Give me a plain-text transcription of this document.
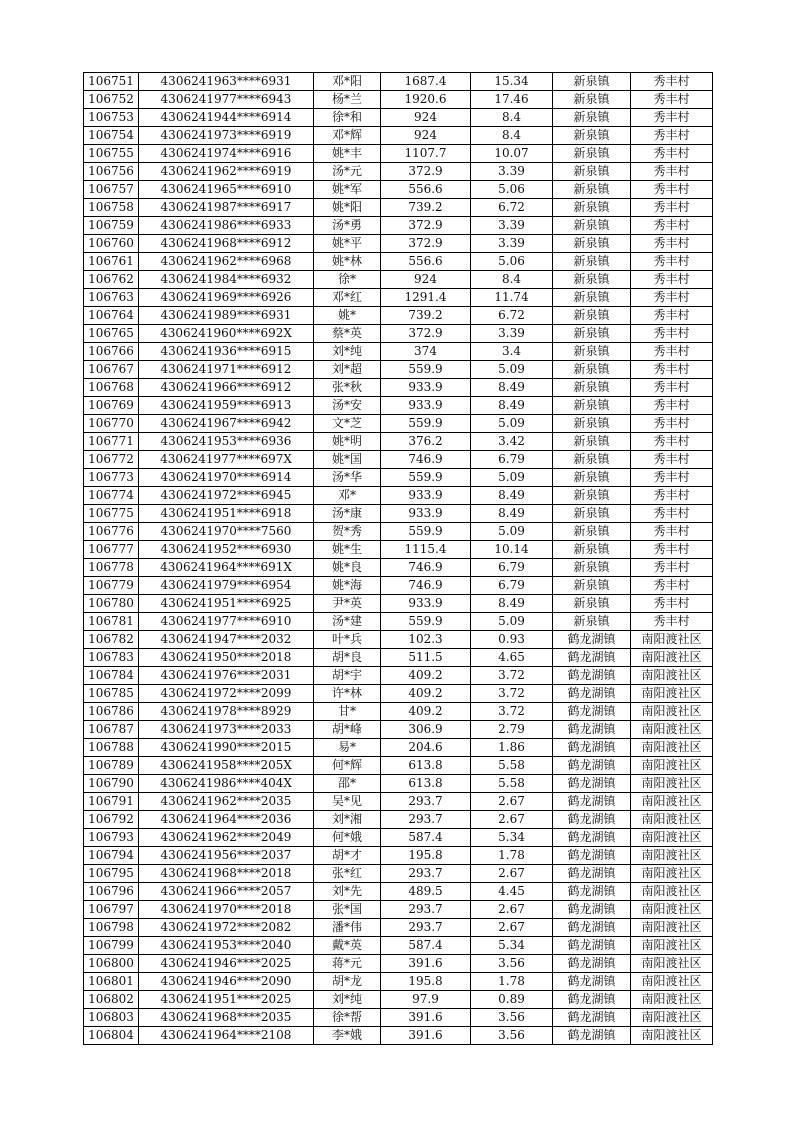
106751	4306241963****6931	邓*阳	1687.4	15.34	新泉镇	秀丰村
106752	4306241977****6943	杨*兰	1920.6	17.46	新泉镇	秀丰村
106753	4306241944****6914	徐*和	924	8.4	新泉镇	秀丰村
106754	4306241973****6919	邓*辉	924	8.4	新泉镇	秀丰村
106755	4306241974****6916	姚*丰	1107.7	10.07	新泉镇	秀丰村
106756	4306241962****6919	汤*元	372.9	3.39	新泉镇	秀丰村
106757	4306241965****6910	姚*军	556.6	5.06	新泉镇	秀丰村
106758	4306241987****6917	姚*阳	739.2	6.72	新泉镇	秀丰村
106759	4306241986****6933	汤*勇	372.9	3.39	新泉镇	秀丰村
106760	4306241968****6912	姚*平	372.9	3.39	新泉镇	秀丰村
106761	4306241962****6968	姚*林	556.6	5.06	新泉镇	秀丰村
106762	4306241984****6932	徐*	924	8.4	新泉镇	秀丰村
106763	4306241969****6926	邓*红	1291.4	11.74	新泉镇	秀丰村
106764	4306241989****6931	姚*	739.2	6.72	新泉镇	秀丰村
106765	4306241960****692X	蔡*英	372.9	3.39	新泉镇	秀丰村
106766	4306241936****6915	刘*纯	374	3.4	新泉镇	秀丰村
106767	4306241971****6912	刘*超	559.9	5.09	新泉镇	秀丰村
106768	4306241966****6912	张*秋	933.9	8.49	新泉镇	秀丰村
106769	4306241959****6913	汤*安	933.9	8.49	新泉镇	秀丰村
106770	4306241967****6942	文*芝	559.9	5.09	新泉镇	秀丰村
106771	4306241953****6936	姚*明	376.2	3.42	新泉镇	秀丰村
106772	4306241977****697X	姚*国	746.9	6.79	新泉镇	秀丰村
106773	4306241970****6914	汤*华	559.9	5.09	新泉镇	秀丰村
106774	4306241972****6945	邓*	933.9	8.49	新泉镇	秀丰村
106775	4306241951****6918	汤*康	933.9	8.49	新泉镇	秀丰村
106776	4306241970****7560	贺*秀	559.9	5.09	新泉镇	秀丰村
106777	4306241952****6930	姚*生	1115.4	10.14	新泉镇	秀丰村
106778	4306241964****691X	姚*良	746.9	6.79	新泉镇	秀丰村
106779	4306241979****6954	姚*海	746.9	6.79	新泉镇	秀丰村
106780	4306241951****6925	尹*英	933.9	8.49	新泉镇	秀丰村
106781	4306241977****6910	汤*建	559.9	5.09	新泉镇	秀丰村
106782	4306241947****2032	叶*兵	102.3	0.93	鹤龙湖镇	南阳渡社区
106783	4306241950****2018	胡*良	511.5	4.65	鹤龙湖镇	南阳渡社区
106784	4306241976****2031	胡*宇	409.2	3.72	鹤龙湖镇	南阳渡社区
106785	4306241972****2099	许*林	409.2	3.72	鹤龙湖镇	南阳渡社区
106786	4306241978****8929	甘*	409.2	3.72	鹤龙湖镇	南阳渡社区
106787	4306241973****2033	胡*峰	306.9	2.79	鹤龙湖镇	南阳渡社区
106788	4306241990****2015	易*	204.6	1.86	鹤龙湖镇	南阳渡社区
106789	4306241958****205X	何*辉	613.8	5.58	鹤龙湖镇	南阳渡社区
106790	4306241986****404X	邵*	613.8	5.58	鹤龙湖镇	南阳渡社区
106791	4306241962****2035	吴*见	293.7	2.67	鹤龙湖镇	南阳渡社区
106792	4306241964****2036	刘*湘	293.7	2.67	鹤龙湖镇	南阳渡社区
106793	4306241962****2049	何*娥	587.4	5.34	鹤龙湖镇	南阳渡社区
106794	4306241956****2037	胡*才	195.8	1.78	鹤龙湖镇	南阳渡社区
106795	4306241968****2018	张*红	293.7	2.67	鹤龙湖镇	南阳渡社区
106796	4306241966****2057	刘*先	489.5	4.45	鹤龙湖镇	南阳渡社区
106797	4306241970****2018	张*国	293.7	2.67	鹤龙湖镇	南阳渡社区
106798	4306241972****2082	潘*伟	293.7	2.67	鹤龙湖镇	南阳渡社区
106799	4306241953****2040	戴*英	587.4	5.34	鹤龙湖镇	南阳渡社区
106800	4306241946****2025	蒋*元	391.6	3.56	鹤龙湖镇	南阳渡社区
106801	4306241946****2090	胡*龙	195.8	1.78	鹤龙湖镇	南阳渡社区
106802	4306241951****2025	刘*纯	97.9	0.89	鹤龙湖镇	南阳渡社区
106803	4306241968****2035	徐*帮	391.6	3.56	鹤龙湖镇	南阳渡社区
106804	4306241964****2108	李*娥	391.6	3.56	鹤龙湖镇	南阳渡社区
